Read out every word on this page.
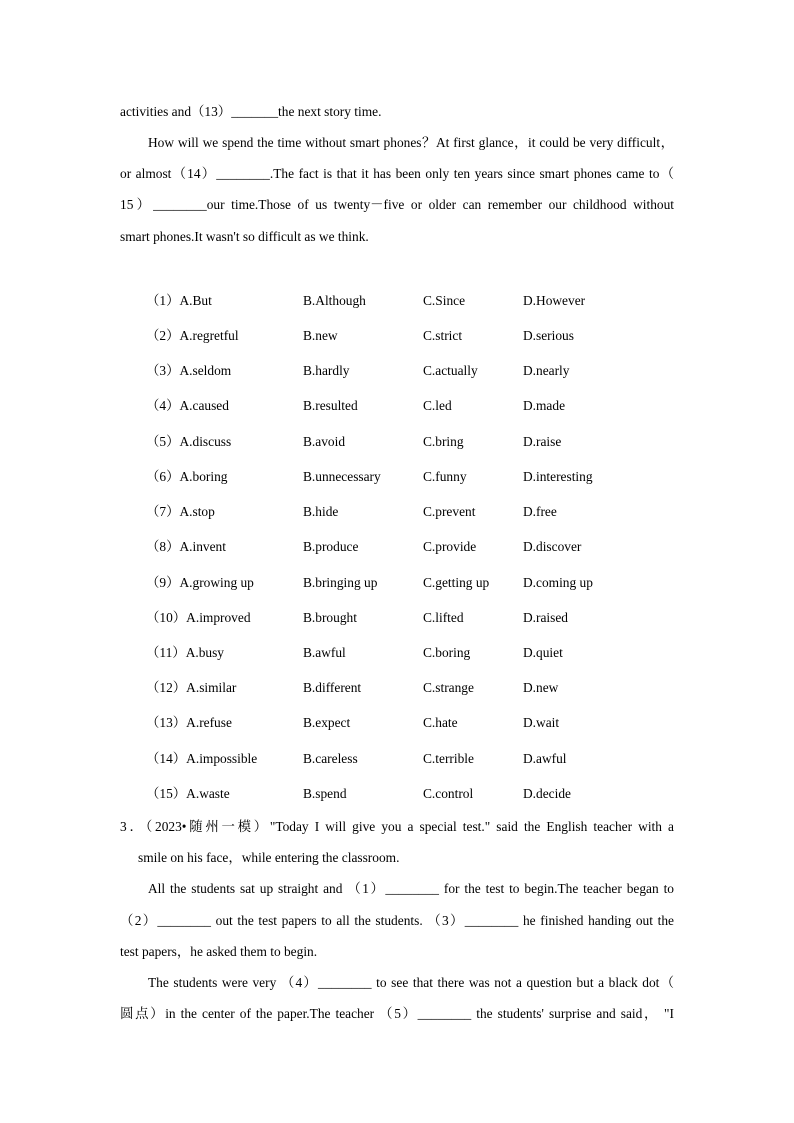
activities and（13）_______the next story time.
How will we spend the time without smart phones？At first glance，it could be very difficult，
or almost（14）________.The fact is that it has been only ten years since smart phones came to（
15）________our time.Those of us twenty－five or older can remember our childhood without
smart phones.It wasn't so difficult as we think.
（1）A.But	B.Although	C.Since	D.However
（2）A.regretful	B.new	C.strict	D.serious
（3）A.seldom	B.hardly	C.actually	D.nearly
（4）A.caused	B.resulted	C.led	D.made
（5）A.discuss	B.avoid	C.bring	D.raise
（6）A.boring	B.unnecessary	C.funny	D.interesting
（7）A.stop	B.hide	C.prevent	D.free
（8）A.invent	B.produce	C.provide	D.discover
（9）A.growing up	B.bringing up	C.getting up	D.coming up
（10）A.improved	B.brought	C.lifted	D.raised
（11）A.busy	B.awful	C.boring	D.quiet
（12）A.similar	B.different	C.strange	D.new
（13）A.refuse	B.expect	C.hate	D.wait
（14）A.impossible	B.careless	C.terrible	D.awful
（15）A.waste	B.spend	C.control	D.decide
3．（2023•随州一模）"Today I will give you a special test." said the English teacher with a
smile on his face，while entering the classroom.
All the students sat up straight and （1）________ for the test to begin.The teacher began to
（2）________ out the test papers to all the students. （3）________ he finished handing out the
test papers，he asked them to begin.
The students were very （4）________ to see that there was not a question but a black dot（
圆点）in the center of the paper.The teacher （5）________ the students' surprise and said， "I
